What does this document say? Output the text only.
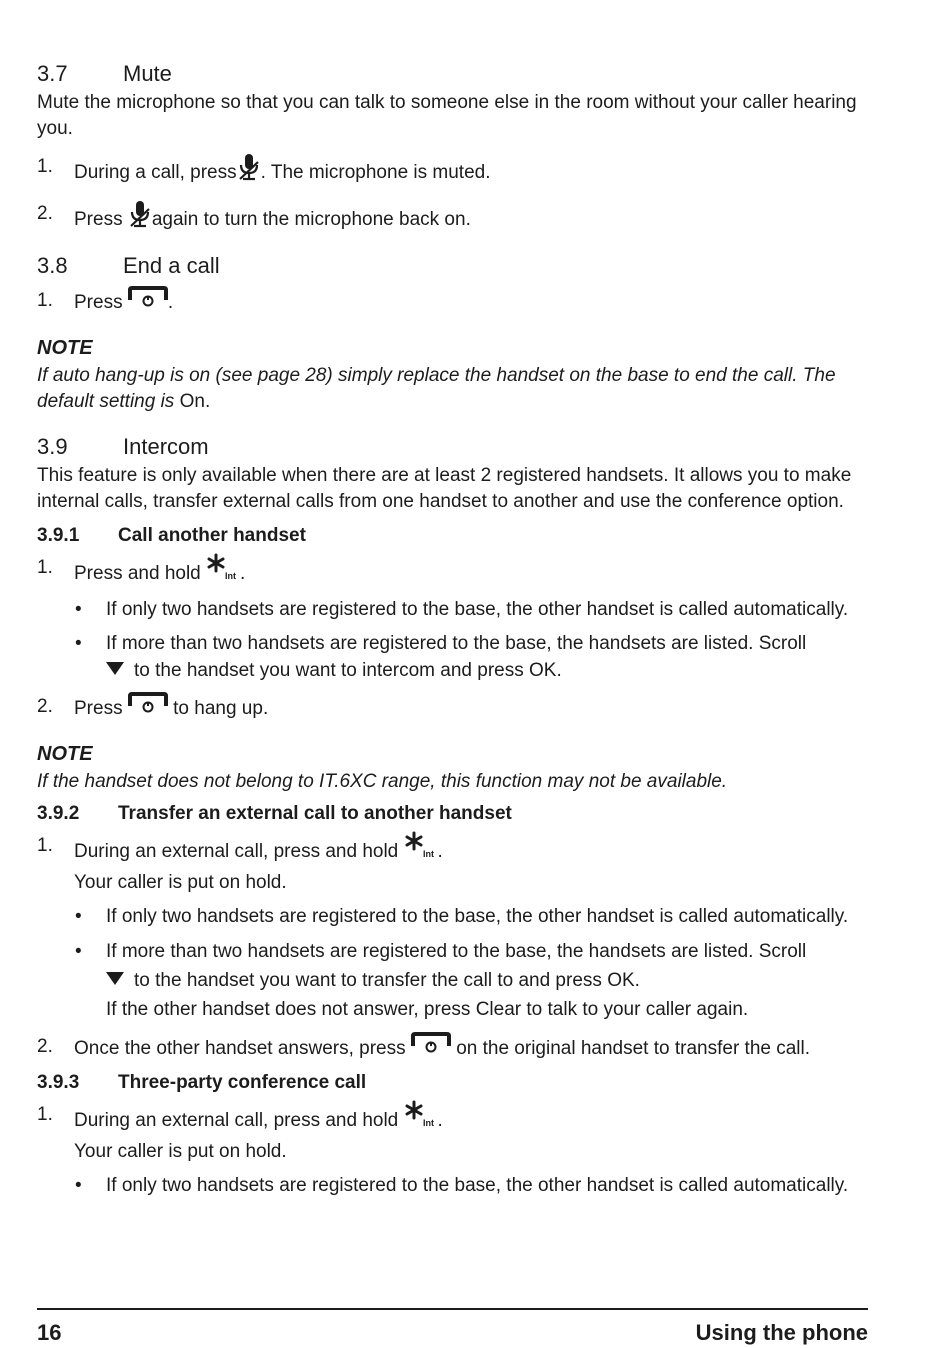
3.7	Mute

Mute the microphone so that you can talk to someone else in the room without your caller hearing you.

1.	During a call, press . The microphone is muted.
2.	Press again to turn the microphone back on.
3.8	End a call
1.	Press .
NOTE

If auto hang-up is on (see page 28) simply replace the handset on the base to end the call. The default setting is On.

3.9	Intercom

This feature is only available when there are at least 2 registered handsets. It allows you to make internal calls, transfer external calls from one handset to another and use the conference option.

3.9.1	Call another handset
1.	Press and hold	Int .
•	If only two handsets are registered to the base, the other handset is called automatically.
•	If more than two handsets are registered to the base, the handsets are listed. Scroll
to the handset you want to intercom and press OK.
2.	Press	to hang up.
NOTE

If the handset does not belong to IT.6XC range, this function may not be available.

3.9.2	Transfer an external call to another handset
1.	During an external call, press and hold	Int .
Your caller is put on hold.
•	If only two handsets are registered to the base, the other handset is called automatically.
•	If more than two handsets are registered to the base, the handsets are listed. Scroll
to the handset you want to transfer the call to and press OK.
If the other handset does not answer, press Clear to talk to your caller again.
2.	Once the other handset answers, press	on the original handset to transfer the call.
3.9.3	Three-party conference call
1.	During an external call, press and hold	Int .
Your caller is put on hold.
•	If only two handsets are registered to the base, the other handset is called automatically.
16	Using the phone
